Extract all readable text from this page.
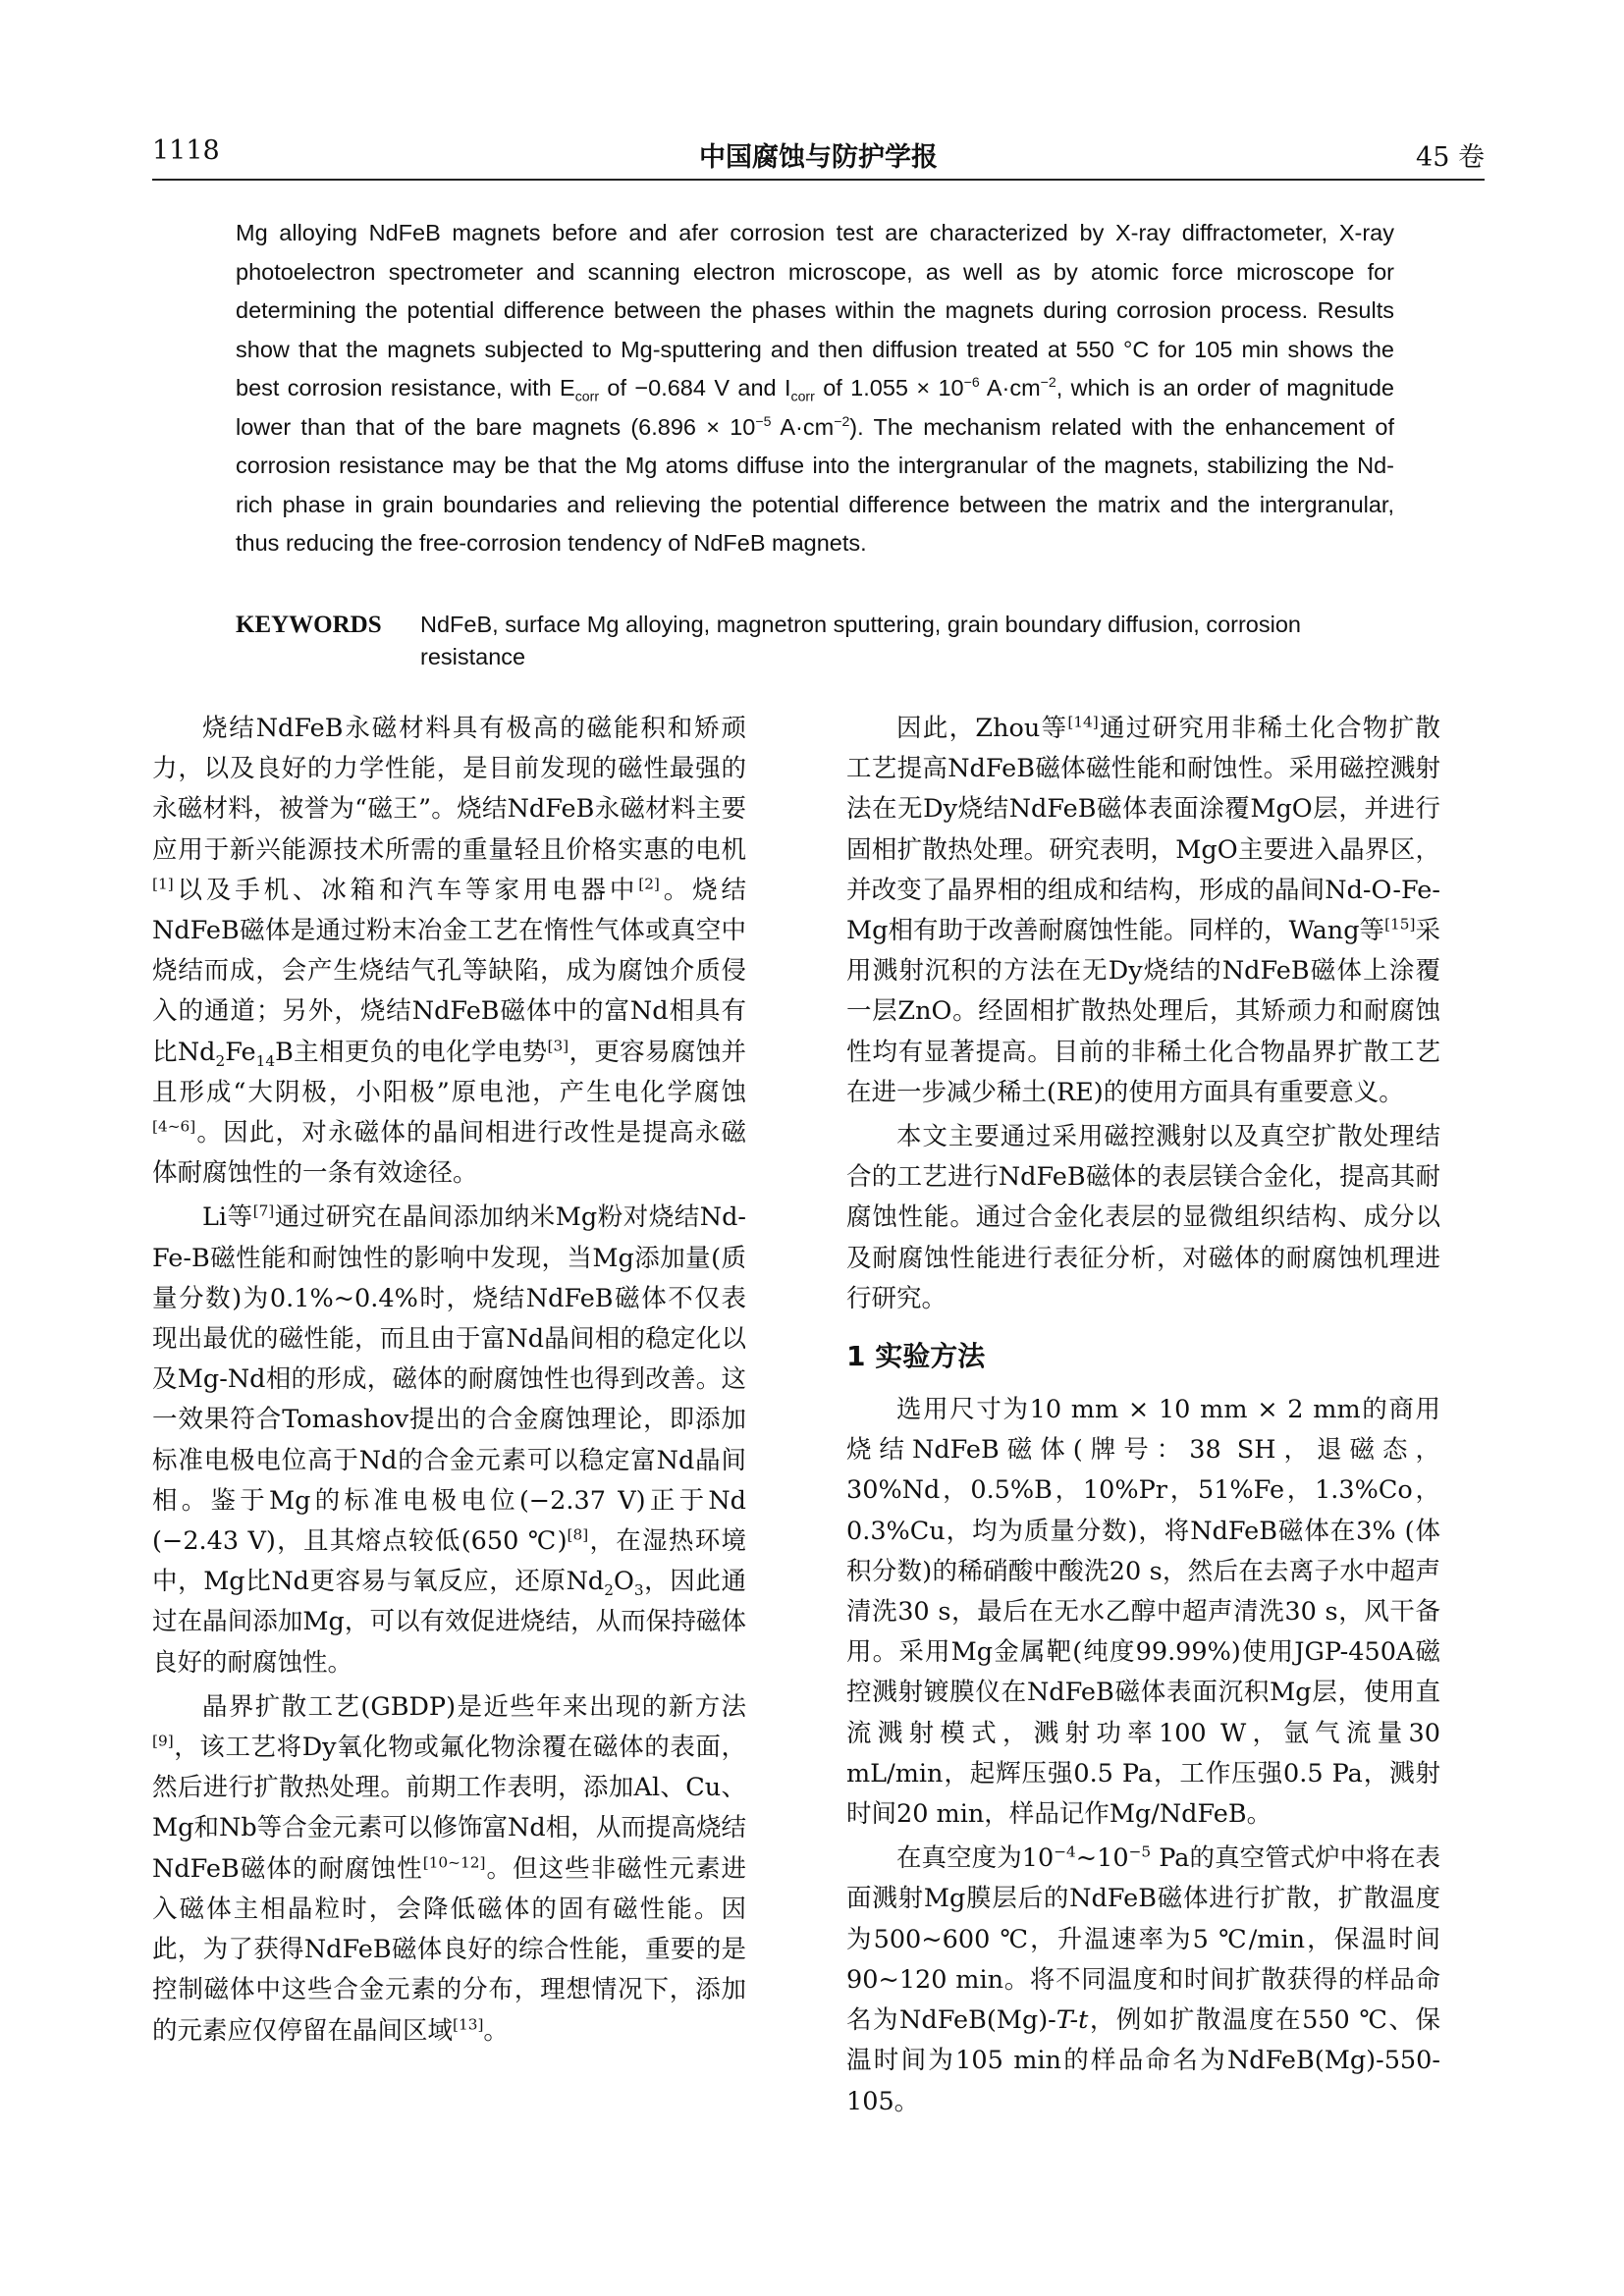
1118	中国腐蚀与防护学报	45 卷

Mg alloying NdFeB magnets before and afer corrosion test are characterized by X-ray diffractometer, X-ray photoelectron spectrometer and scanning electron microscope, as well as by atomic force microscope for determining the potential difference between the phases within the magnets during corrosion process. Results show that the magnets subjected to Mg-sputtering and then diffusion treated at 550 °C for 105 min shows the best corrosion resistance, with $E_{corr}$ of −0.684 V and $I_{corr}$ of $1.055 \times 10^{-6}$ $A\cdot cm^{-2}$, which is an order of magnitude lower than that of the bare magnets ($6.896 \times 10^{-5}$ $A\cdot cm^{-2}$). The mechanism related with the enhancement of corrosion resistance may be that the Mg atoms diffuse into the intergranular of the magnets, stabilizing the Nd-rich phase in grain boundaries and relieving the potential difference between the matrix and the intergranular, thus reducing the free-corrosion tendency of NdFeB magnets.

KEYWORDS NdFeB, surface Mg alloying, magnetron sputtering, grain boundary diffusion, corrosion resistance

烧结NdFeB永磁材料具有极高的磁能积和矫顽力，以及良好的力学性能，是目前发现的磁性最强的永磁材料，被誉为“磁王”。烧结NdFeB永磁材料主要应用于新兴能源技术所需的重量轻且价格实惠的电机[1]以及手机、冰箱和汽车等家用电器中[2]。烧结NdFeB磁体是通过粉末冶金工艺在惰性气体或真空中烧结而成，会产生烧结气孔等缺陷，成为腐蚀介质侵入的通道；另外，烧结NdFeB磁体中的富Nd相具有比$Nd_2Fe_{14}B$主相更负的电化学电势[3]，更容易腐蚀并且形成“大阴极，小阳极”原电池，产生电化学腐蚀[4~6]。因此，对永磁体的晶间相进行改性是提高永磁体耐腐蚀性的一条有效途径。

Li等[7]通过研究在晶间添加纳米Mg粉对烧结Nd-Fe-B磁性能和耐蚀性的影响中发现，当Mg添加量(质量分数)为0.1%~0.4%时，烧结NdFeB磁体不仅表现出最优的磁性能，而且由于富Nd晶间相的稳定化以及Mg-Nd相的形成，磁体的耐腐蚀性也得到改善。这一效果符合Tomashov提出的合金腐蚀理论，即添加标准电极电位高于Nd的合金元素可以稳定富Nd晶间相。鉴于Mg的标准电极电位(−2.37 V)正于Nd (−2.43 V)，且其熔点较低(650 ℃)[8]，在湿热环境中，Mg比Nd更容易与氧反应，还原$Nd_2O_3$，因此通过在晶间添加Mg，可以有效促进烧结，从而保持磁体良好的耐腐蚀性。

晶界扩散工艺(GBDP)是近些年来出现的新方法[9]，该工艺将Dy氧化物或氟化物涂覆在磁体的表面，然后进行扩散热处理。前期工作表明，添加Al、Cu、Mg和Nb等合金元素可以修饰富Nd相，从而提高烧结NdFeB磁体的耐腐蚀性[10~12]。但这些非磁性元素进入磁体主相晶粒时，会降低磁体的固有磁性能。因此，为了获得NdFeB磁体良好的综合性能，重要的是控制磁体中这些合金元素的分布，理想情况下，添加的元素应仅停留在晶间区域[13]。

因此，Zhou等[14]通过研究用非稀土化合物扩散工艺提高NdFeB磁体磁性能和耐蚀性。采用磁控溅射法在无Dy烧结NdFeB磁体表面涂覆MgO层，并进行固相扩散热处理。研究表明，MgO主要进入晶界区，并改变了晶界相的组成和结构，形成的晶间Nd-O-Fe-Mg相有助于改善耐腐蚀性能。同样的，Wang等[15]采用溅射沉积的方法在无Dy烧结的NdFeB磁体上涂覆一层ZnO。经固相扩散热处理后，其矫顽力和耐腐蚀性均有显著提高。目前的非稀土化合物晶界扩散工艺在进一步减少稀土(RE)的使用方面具有重要意义。

本文主要通过采用磁控溅射以及真空扩散处理结合的工艺进行NdFeB磁体的表层镁合金化，提高其耐腐蚀性能。通过合金化表层的显微组织结构、成分以及耐腐蚀性能进行表征分析，对磁体的耐腐蚀机理进行研究。

1 实验方法

选用尺寸为10 mm × 10 mm × 2 mm的商用烧结NdFeB磁体(牌号：38 SH，退磁态，30%Nd，0.5%B，10%Pr，51%Fe，1.3%Co，0.3%Cu，均为质量分数)，将NdFeB磁体在3% (体积分数)的稀硝酸中酸洗20 s，然后在去离子水中超声清洗30 s，最后在无水乙醇中超声清洗30 s，风干备用。采用Mg金属靶(纯度99.99%)使用JGP-450A磁控溅射镀膜仪在NdFeB磁体表面沉积Mg层，使用直流溅射模式，溅射功率100 W，氩气流量30 mL/min，起辉压强0.5 Pa，工作压强0.5 Pa，溅射时间20 min，样品记作Mg/NdFeB。

在真空度为$10^{-4}\sim 10^{-5}$ Pa的真空管式炉中将在表面溅射Mg膜层后的NdFeB磁体进行扩散，扩散温度为500~600 ℃，升温速率为5 ℃/min，保温时间90~120 min。将不同温度和时间扩散获得的样品命名为NdFeB(Mg)-T-t，例如扩散温度在550 ℃、保温时间为105 min的样品命名为NdFeB(Mg)-550-105。
